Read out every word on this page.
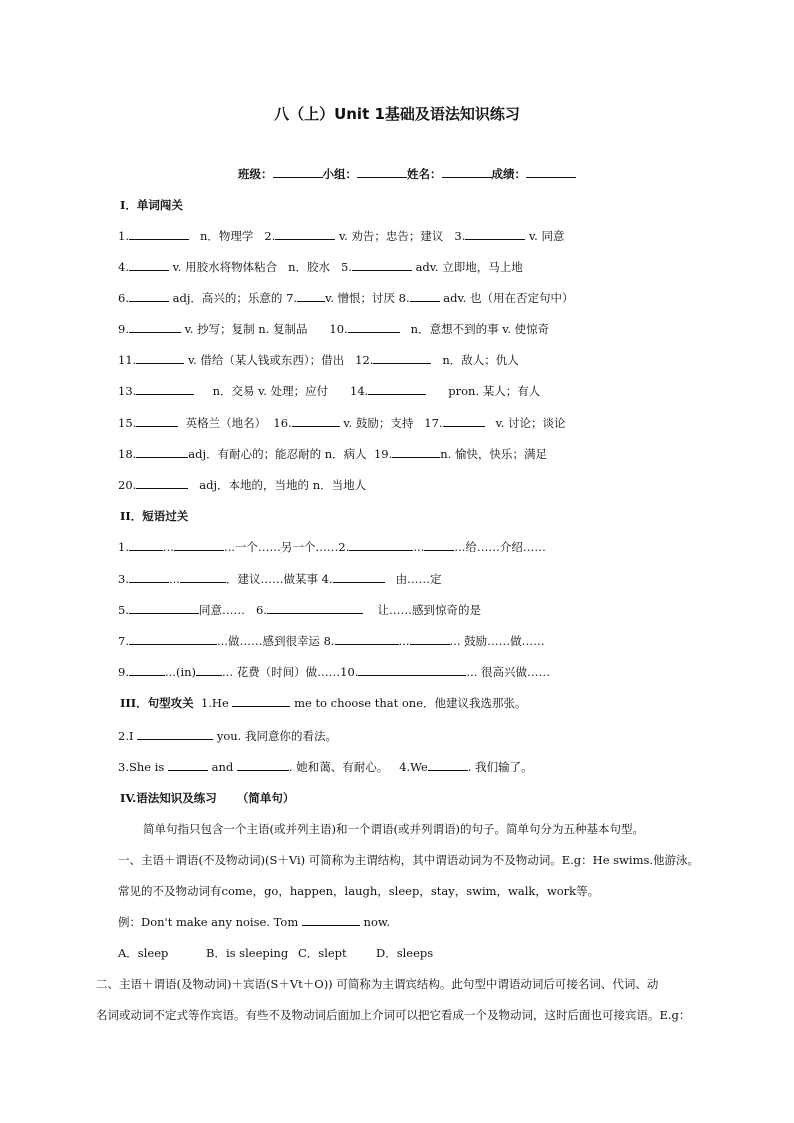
八（上）Unit 1基础及语法知识练习
班级：	小组：	姓名：	成绩：
I．单词闯关
1.	n．物理学 2.	v. 劝告；忠告；建议 3.	v. 同意
4.	v. 用胶水将物体粘合 n．胶水 5.	adv. 立即地，马上地
6.	adj．高兴的；乐意的 7. v. 憎恨；讨厌 8.	adv. 也（用在否定句中）
9.	v. 抄写；复制 n. 复制品 10.	n．意想不到的事 v. 使惊奇
11.	v. 借给（某人钱或东西）；借出 12.	n．敌人；仇人
13.	n．交易 v. 处理；应付 14.	pron. 某人；有人
15.	英格兰（地名） 16.	v. 鼓励；支持 17.	v. 讨论；谈论
18.	adj．有耐心的；能忍耐的 n．病人 19.	n. 愉快，快乐；满足
20.	adj．本地的，当地的 n．当地人
II．短语过关
1.	...	...一个……另一个……2.	...	...给……介绍……
3.	...	．建议……做某事 4.	由……定
5.	同意…… 6.	让……感到惊奇的是
7.	...做……感到很幸运 8.	...	... 鼓励……做……
9.	...(in) ... 花费（时间）做……10.	... 很高兴做……
III．句型攻关 1.He	me to choose that one．他建议我选那张。
2.I	you. 我同意你的看法。
3.She is	and	. 她和蔼、有耐心。 4.We	. 我们输了。
IV.语法知识及练习 （简单句）
简单句指只包含一个主语(或并列主语)和一个谓语(或并列谓语)的句子。简单句分为五种基本句型。
一、主语＋谓语(不及物动词)(S＋Vi) 可简称为主谓结构，其中谓语动词为不及物动词。E.g：He swims.他游泳。
常见的不及物动词有come，go，happen，laugh，sleep，stay，swim，walk，work等。
例：Don't make any noise. Tom	now.
A．sleep	B．is sleeping C．slept	D．sleeps
二、主语＋谓语(及物动词)＋宾语(S＋Vt＋O)) 可简称为主谓宾结构。此句型中谓语动词后可接名词、代词、动
名词或动词不定式等作宾语。有些不及物动词后面加上介词可以把它看成一个及物动词，这时后面也可接宾语。E.g：
